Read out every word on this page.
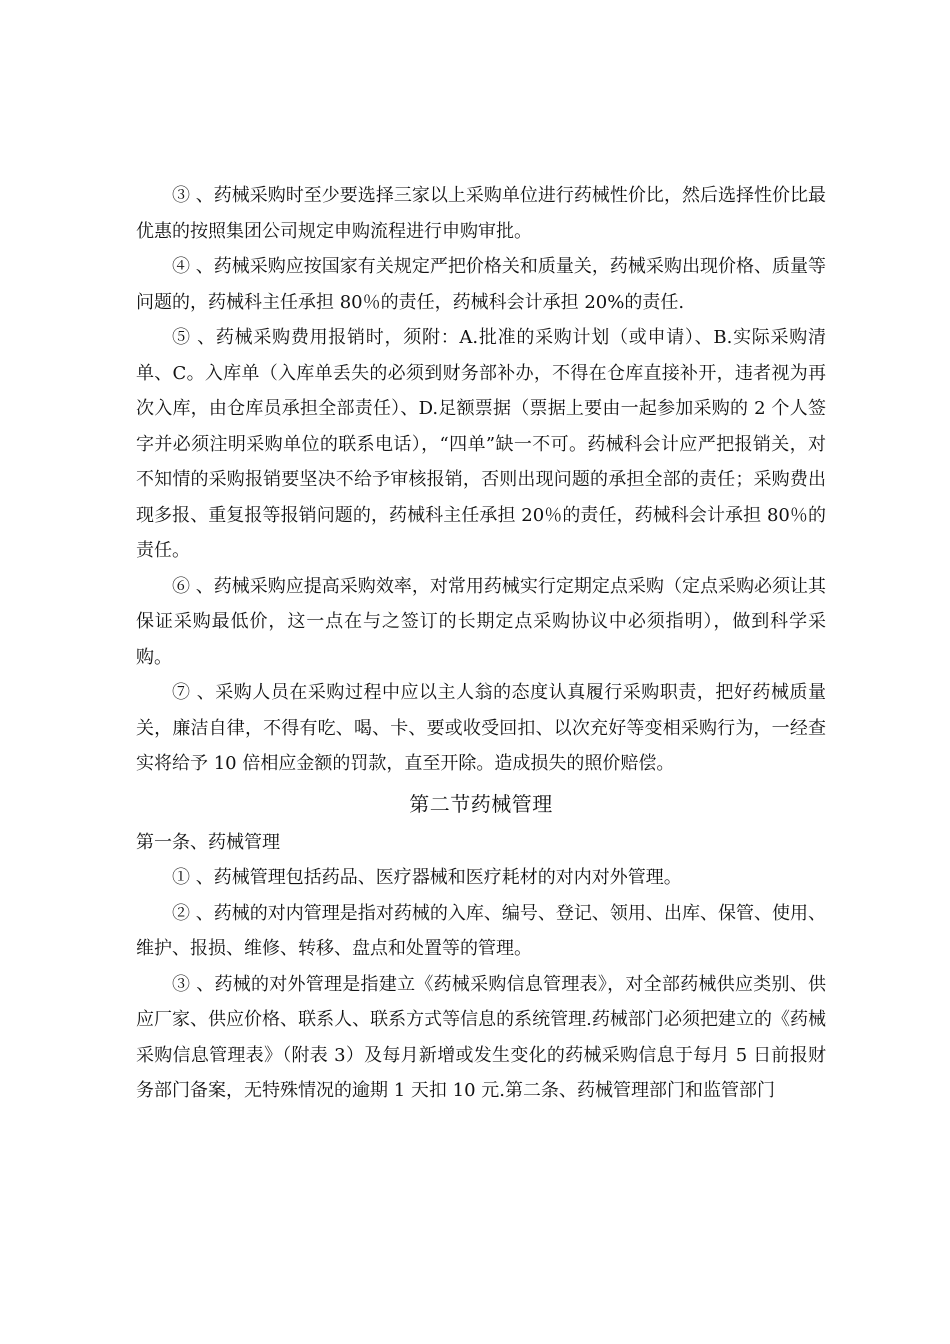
③ 、药械采购时至少要选择三家以上采购单位进行药械性价比，然后选择性价比最优惠的按照集团公司规定申购流程进行申购审批。

④ 、药械采购应按国家有关规定严把价格关和质量关，药械采购出现价格、质量等问题的，药械科主任承担 80％的责任，药械科会计承担 20%的责任.

⑤ 、药械采购费用报销时，须附：A.批准的采购计划（或申请）、B.实际采购清单、C。入库单（入库单丢失的必须到财务部补办，不得在仓库直接补开，违者视为再次入库，由仓库员承担全部责任）、D.足额票据（票据上要由一起参加采购的 2 个人签字并必须注明采购单位的联系电话），“四单”缺一不可。药械科会计应严把报销关，对不知情的采购报销要坚决不给予审核报销，否则出现问题的承担全部的责任；采购费出现多报、重复报等报销问题的，药械科主任承担 20％的责任，药械科会计承担 80％的责任。

⑥ 、药械采购应提高采购效率，对常用药械实行定期定点采购（定点采购必须让其保证采购最低价，这一点在与之签订的长期定点采购协议中必须指明），做到科学采购。

⑦ 、采购人员在采购过程中应以主人翁的态度认真履行采购职责，把好药械质量关，廉洁自律，不得有吃、喝、卡、要或收受回扣、以次充好等变相采购行为，一经查实将给予 10 倍相应金额的罚款，直至开除。造成损失的照价赔偿。

第二节药械管理

第一条、药械管理

① 、药械管理包括药品、医疗器械和医疗耗材的对内对外管理。

② 、药械的对内管理是指对药械的入库、编号、登记、领用、出库、保管、使用、维护、报损、维修、转移、盘点和处置等的管理。

③ 、药械的对外管理是指建立《药械采购信息管理表》，对全部药械供应类别、供应厂家、供应价格、联系人、联系方式等信息的系统管理.药械部门必须把建立的《药械采购信息管理表》（附表 3）及每月新增或发生变化的药械采购信息于每月 5 日前报财务部门备案，无特殊情况的逾期 1 天扣 10 元.第二条、药械管理部门和监管部门
